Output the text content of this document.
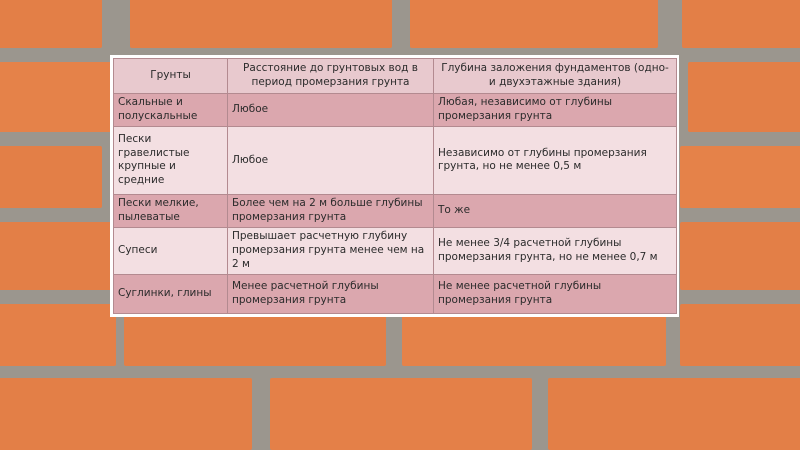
Грунты	Расстояние до грунтовых вод в период промерзания грунта	Глубина заложения фундаментов (одно- и двухэтажные здания)
Скальные и полускальные	Любое	Любая, независимо от глубины промерзания грунта
Пески гравелистые крупные и средние	Любое	Независимо от глубины промерзания грунта, но не менее 0,5 м
Пески мелкие, пылеватые	Более чем на 2 м больше глубины промерзания грунта	То же
Супеси	Превышает расчетную глубину промерзания грунта менее чем на 2 м	Не менее 3/4 расчетной глубины промерзания грунта, но не менее 0,7 м
Суглинки, глины	Менее расчетной глубины промерзания грунта	Не менее расчетной глубины промерзания грунта
